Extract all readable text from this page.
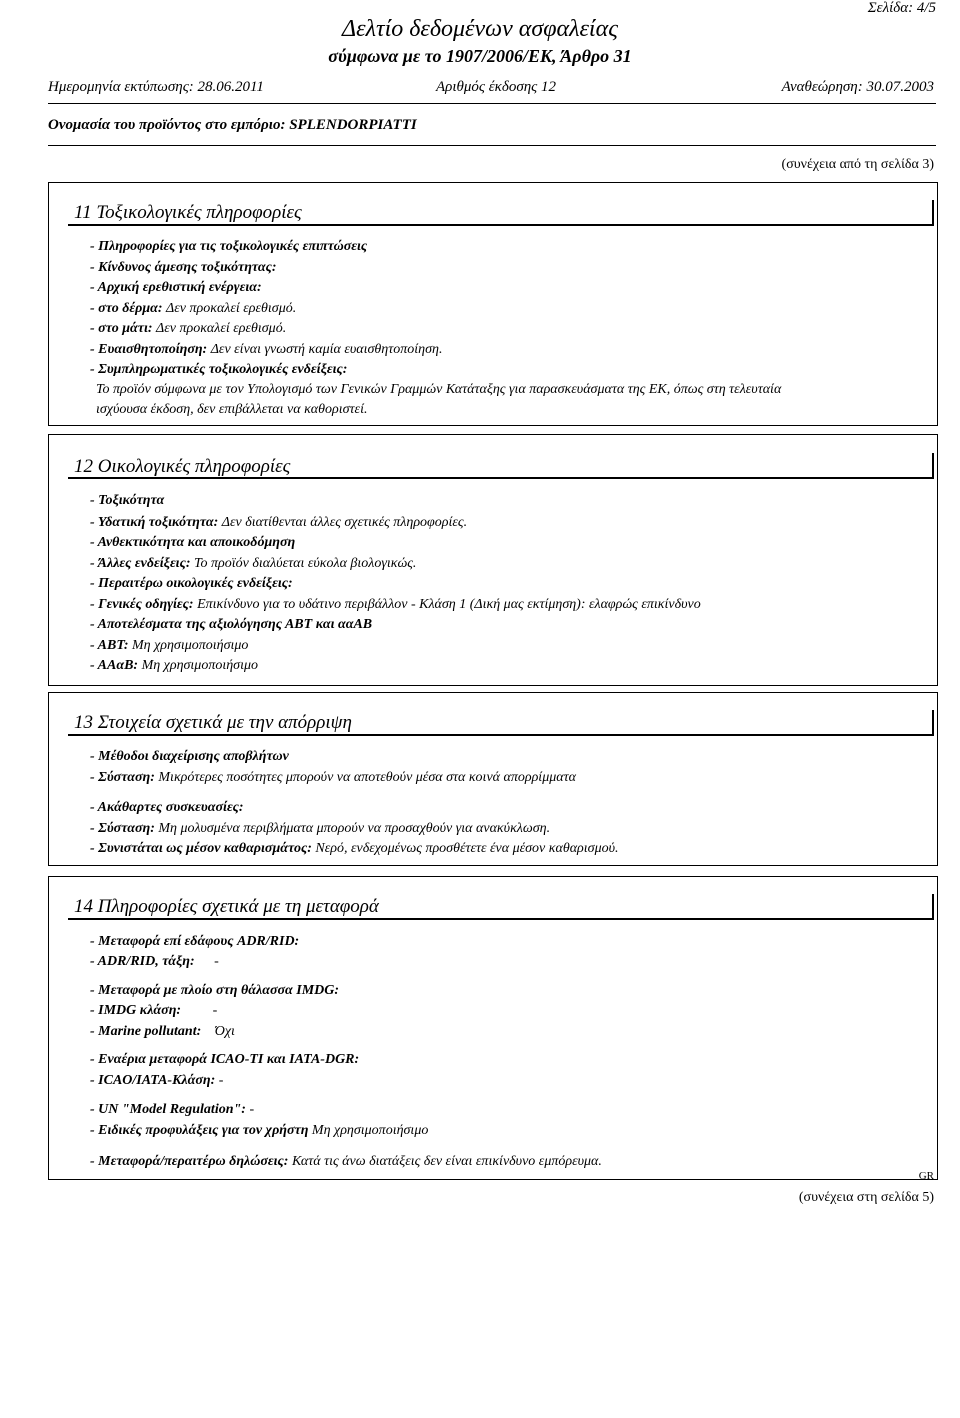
Σελίδα: 4/5
Δελτίο δεδομένων ασφαλείας
σύμφωνα με το 1907/2006/ΕΚ, Άρθρο 31
Ημερομηνία εκτύπωσης: 28.06.2011	Αριθμός έκδοσης 12	Αναθεώρηση: 30.07.2003
Ονομασία του προϊόντος στο εμπόριο: SPLENDORPIATTI
(συνέχεια από τη σελίδα 3)
11 Τοξικολογικές πληροφορίες
- Πληροφορίες για τις τοξικολογικές επιπτώσεις
- Κίνδυνος άμεσης τοξικότητας:
- Αρχική ερεθιστική ενέργεια:
- στο δέρμα: Δεν προκαλεί ερεθισμό.
- στο μάτι: Δεν προκαλεί ερεθισμό.
- Ευαισθητοποίηση: Δεν είναι γνωστή καμία ευαισθητοποίηση.
- Συμπληρωματικές τοξικολογικές ενδείξεις:
Το προϊόν σύμφωνα με τον Υπολογισμό των Γενικών Γραμμών Κατάταξης για παρασκευάσματα της ΕΚ, όπως στη τελευταία
ισχύουσα έκδοση, δεν επιβάλλεται να καθοριστεί.
12 Οικολογικές πληροφορίες
- Τοξικότητα
- Υδατική τοξικότητα: Δεν διατίθενται άλλες σχετικές πληροφορίες.
- Ανθεκτικότητα και αποικοδόμηση
- Άλλες ενδείξεις: Το προϊόν διαλύεται εύκολα βιολογικώς.
- Περαιτέρω οικολογικές ενδείξεις:
- Γενικές οδηγίες: Επικίνδυνο για το υδάτινο περιβάλλον - Κλάση 1 (Δική μας εκτίμηση): ελαφρώς επικίνδυνο
- Αποτελέσματα της αξιολόγησης ΑΒΤ και ααΑΒ
- ΑΒΤ: Μη χρησιμοποιήσιμο
- ΑΑαΒ: Μη χρησιμοποιήσιμο
13 Στοιχεία σχετικά με την απόρριψη
- Μέθοδοι διαχείρισης αποβλήτων
- Σύσταση: Μικρότερες ποσότητες μπορούν να αποτεθούν μέσα στα κοινά απορρίμματα
- Ακάθαρτες συσκευασίες:
- Σύσταση: Μη μολυσμένα περιβλήματα μπορούν να προσαχθούν για ανακύκλωση.
- Συνιστάται ως μέσον καθαρισμάτος: Νερό, ενδεχομένως προσθέτετε ένα μέσον καθαρισμού.
14 Πληροφορίες σχετικά με τη μεταφορά
- Μεταφορά επί εδάφους ADR/RID:
- ADR/RID, τάξη: -
- Μεταφορά με πλοίο στη θάλασσα IMDG:
- IMDG κλάση: -
- Marine pollutant: Όχι
- Εναέρια μεταφορά ICAO-TI και IATA-DGR:
- ICAO/IATA-Κλάση: -
- UN "Model Regulation": -
- Ειδικές προφυλάξεις για τον χρήστη Μη χρησιμοποιήσιμο
- Μεταφορά/περαιτέρω δηλώσεις: Κατά τις άνω διατάξεις δεν είναι επικίνδυνο εμπόρευμα.
GR
(συνέχεια στη σελίδα 5)
